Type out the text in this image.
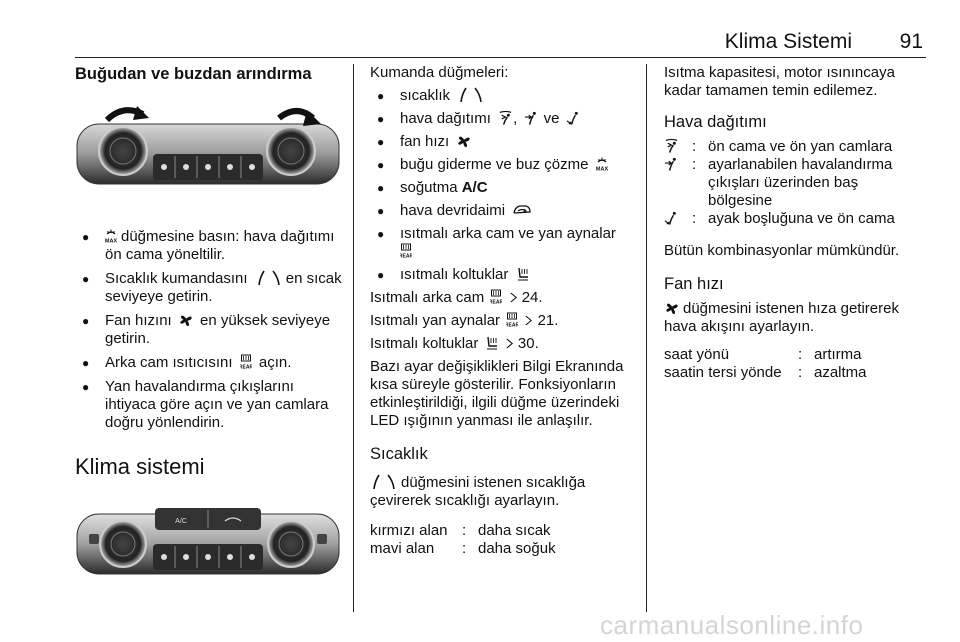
Klima Sistemi 91
Buğudan ve buzdan arındırma
● düğmesine basın: hava dağıtımı ön cama yöneltilir.
● Sıcaklık kumandasını	en sıcak seviyeye getirin.
● Fan hızını en yüksek seviyeye getirin.
● Arka cam ısıtıcısını açın.
● Yan havalandırma çıkışlarını ihtiyaca göre açın ve yan camlara doğru yönlendirin.
Klima sistemi
A/C
Kumanda düğmeleri:
● sıcaklık
● hava dağıtımı , ve
● fan hızı
● buğu giderme ve buz çözme
● soğutma A/C
● hava devridaimi
● ısıtmalı arka cam ve yan aynalar

● ısıtmalı koltuklar
Isıtmalı arka cam	24.
Isıtmalı yan aynalar	21.
Isıtmalı koltuklar	30.
Bazı ayar değişiklikleri Bilgi Ekranında kısa süreyle gösterilir. Fonksiyonların etkinleştirildiği, ilgili düğme üzerindeki LED ışığının yanması ile anlaşılır.
Sıcaklık
düğmesini istenen sıcaklığa çevirerek sıcaklığı ayarlayın.
kırmızı alan : daha sıcak
mavi alan	: daha soğuk
Isıtma kapasitesi, motor ısınıncaya kadar tamamen temin edilemez.
Hava dağıtımı
: ön cama ve ön yan camlara
: ayarlanabilen havalandırma çıkışları üzerinden baş bölgesine
: ayak boşluğuna ve ön cama
Bütün kombinasyonlar mümkündür.
Fan hızı
düğmesini istenen hıza getirerek hava akışını ayarlayın.
saat yönü	: artırma
saatin tersi yönde	: azaltma
carmanualsonline.info
